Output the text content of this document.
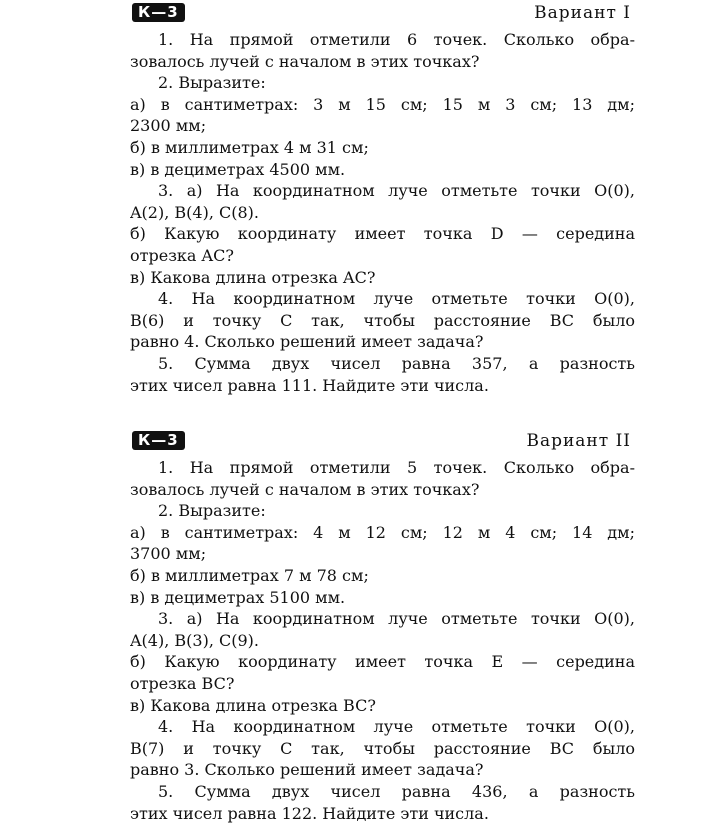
К—3	Вариант I
1. На прямой отметили 6 точек. Сколько обра-
зовалось лучей с началом в этих точках?
2. Выразите:
а) в сантиметрах: 3 м 15 см; 15 м 3 см; 13 дм;
2300 мм;
б) в миллиметрах 4 м 31 см;
в) в дециметрах 4500 мм.
3. а) На координатном луче отметьте точки O(0),
A(2), B(4), C(8).
б) Какую координату имеет точка D — середина
отрезка AC?
в) Какова длина отрезка AC?
4. На координатном луче отметьте точки O(0),
B(6) и точку C так, чтобы расстояние BC было
равно 4. Сколько решений имеет задача?
5. Сумма двух чисел равна 357, а разность
этих чисел равна 111. Найдите эти числа.
К—3	Вариант II
1. На прямой отметили 5 точек. Сколько обра-
зовалось лучей с началом в этих точках?
2. Выразите:
а) в сантиметрах: 4 м 12 см; 12 м 4 см; 14 дм;
3700 мм;
б) в миллиметрах 7 м 78 см;
в) в дециметрах 5100 мм.
3. а) На координатном луче отметьте точки O(0),
A(4), B(3), C(9).
б) Какую координату имеет точка E — середина
отрезка BC?
в) Какова длина отрезка BC?
4. На координатном луче отметьте точки O(0),
B(7) и точку C так, чтобы расстояние BC было
равно 3. Сколько решений имеет задача?
5. Сумма двух чисел равна 436, а разность
этих чисел равна 122. Найдите эти числа.
